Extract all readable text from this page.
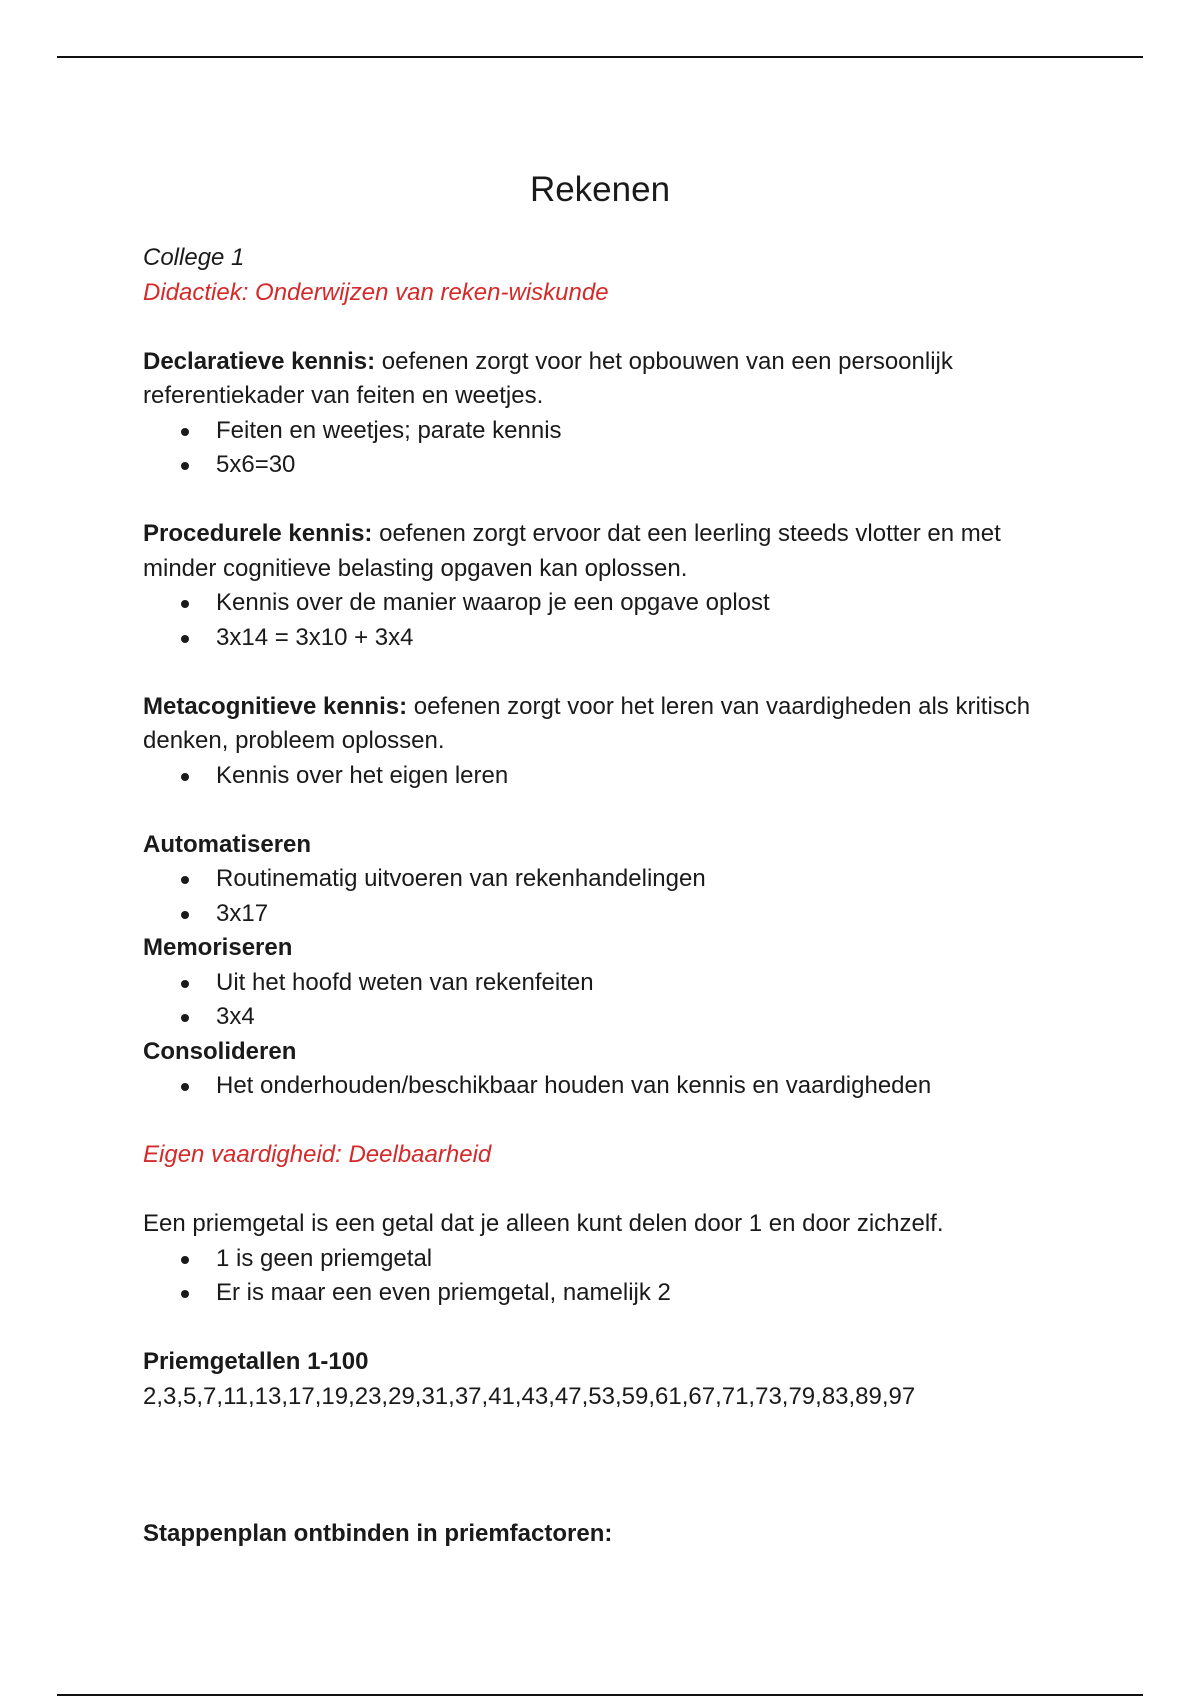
Rekenen

College 1

Didactiek: Onderwijzen van reken-wiskunde

Declaratieve kennis: oefenen zorgt voor het opbouwen van een persoonlijk referentiekader van feiten en weetjes.

Feiten en weetjes; parate kennis
5x6=30

Procedurele kennis: oefenen zorgt ervoor dat een leerling steeds vlotter en met minder cognitieve belasting opgaven kan oplossen.

Kennis over de manier waarop je een opgave oplost
3x14 = 3x10 + 3x4

Metacognitieve kennis: oefenen zorgt voor het leren van vaardigheden als kritisch denken, probleem oplossen.

Kennis over het eigen leren

Automatiseren

Routinematig uitvoeren van rekenhandelingen
3x17

Memoriseren

Uit het hoofd weten van rekenfeiten
3x4

Consolideren

Het onderhouden/beschikbaar houden van kennis en vaardigheden

Eigen vaardigheid: Deelbaarheid

Een priemgetal is een getal dat je alleen kunt delen door 1 en door zichzelf.

1 is geen priemgetal
Er is maar een even priemgetal, namelijk 2

Priemgetallen 1-100

2,3,5,7,11,13,17,19,23,29,31,37,41,43,47,53,59,61,67,71,73,79,83,89,97

Stappenplan ontbinden in priemfactoren:
